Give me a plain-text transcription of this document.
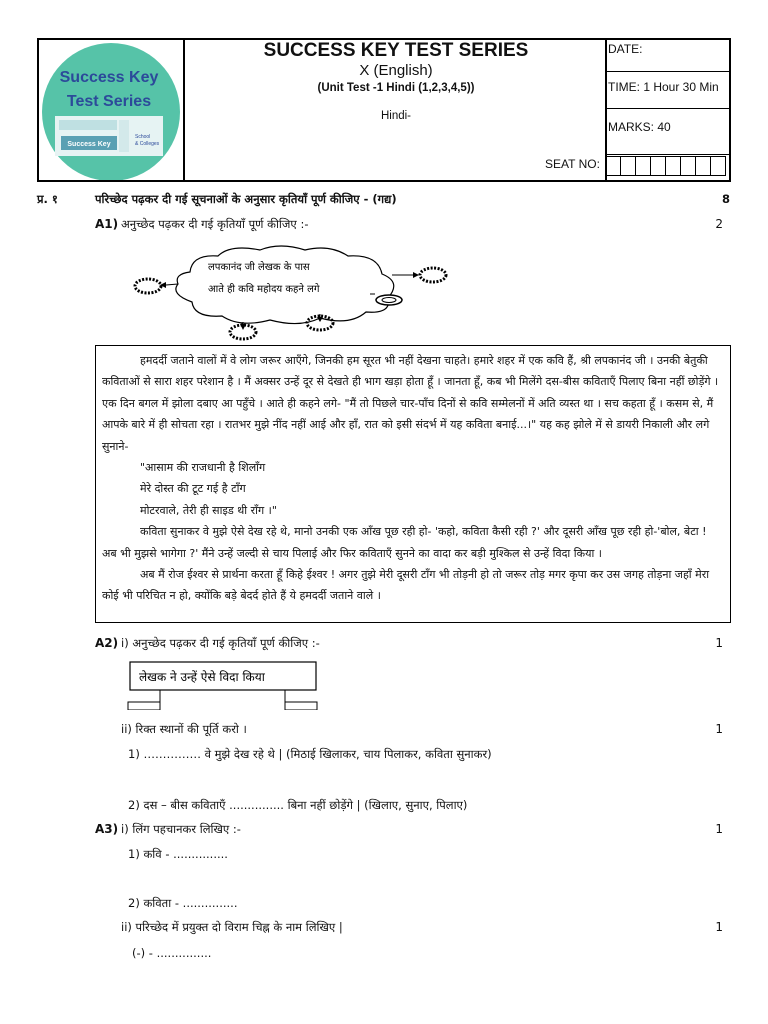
Success Key
Test Series
Success Key
School
& Colleges
SUCCESS KEY TEST SERIES
X (English)
(Unit Test -1 Hindi (1,2,3,4,5))
Hindi-
DATE:
TIME: 1 Hour 30 Min
MARKS: 40
SEAT NO:
प्र. १	परिच्छेद पढ़कर दी गई सूचनाओं के अनुसार कृतियाँ पूर्ण कीजिए - (गद्य)	8
A1) अनुच्छेद पढ़कर दी गई कृतियाँ पूर्ण कीजिए :-	2
लपकानंद जी लेखक के पास
आते ही कवि महोदय कहने लगे

हमदर्दी जताने वालों में वे लोग जरूर आएँगे, जिनकी हम सूरत भी नहीं देखना चाहते। हमारे शहर में एक कवि हैं, श्री लपकानंद जी । उनकी बेतुकी कविताओं से सारा शहर परेशान है । मैं अक्सर उन्हें दूर से देखते ही भाग खड़ा होता हूँ । जानता हूँ, कब भी मिलेंगे दस-बीस कविताएँ पिलाए बिना नहीं छोड़ेंगे । एक दिन बगल में झोला दबाए आ पहुँचे । आते ही कहने लगे- "मैं तो पिछले चार-पाँच दिनों से कवि सम्मेलनों में अति व्यस्त था । सच कहता हूँ । कसम से, मैं आपके बारे में ही सोचता रहा । रातभर मुझे नींद नहीं आई और हाँ, रात को इसी संदर्भ में यह कविता बनाई...।" यह कह झोले में से डायरी निकाली और लगे सुनाने-

"आसाम की राजधानी है शिलाँग
मेरे दोस्त की टूट गई है टाँग
मोटरवाले, तेरी ही साइड थी रॉंग ।"

कविता सुनाकर वे मुझे ऐसे देख रहे थे, मानो उनकी एक आँख पूछ रही हो- 'कहो, कविता कैसी रही ?' और दूसरी आँख पूछ रही हो-'बोल, बेटा ! अब भी मुझसे भागेगा ?' मैंने उन्हें जल्दी से चाय पिलाई और फिर कविताएँ सुनने का वादा कर बड़ी मुश्किल से उन्हें विदा किया ।

अब मैं रोज ईश्वर से प्रार्थना करता हूँ किहे ईश्वर ! अगर तुझे मेरी दूसरी टाँग भी तोड़नी हो तो जरूर तोड़ मगर कृपा कर उस जगह तोड़ना जहाँ मेरा कोई भी परिचित न हो, क्योंकि बड़े बेदर्द होते हैं ये हमदर्दी जताने वाले ।

A2) i) अनुच्छेद पढ़कर दी गई कृतियाँ पूर्ण कीजिए :-	1
लेखक ने उन्हें ऐसे विदा किया
ii) रिक्त स्थानों की पूर्ति करो ।	1
1) …………… वे मुझे देख रहे थे | (मिठाई खिलाकर, चाय पिलाकर, कविता सुनाकर)
2) दस – बीस कविताएँ ............... बिना नहीं छोड़ेंगे | (खिलाए, सुनाए, पिलाए)
A3) i) लिंग पहचानकर लिखिए :-	1
1) कवि - ...............
2) कविता - ...............
ii) परिच्छेद में प्रयुक्त दो विराम चिह्न के नाम लिखिए |	1
(-) - ...............
